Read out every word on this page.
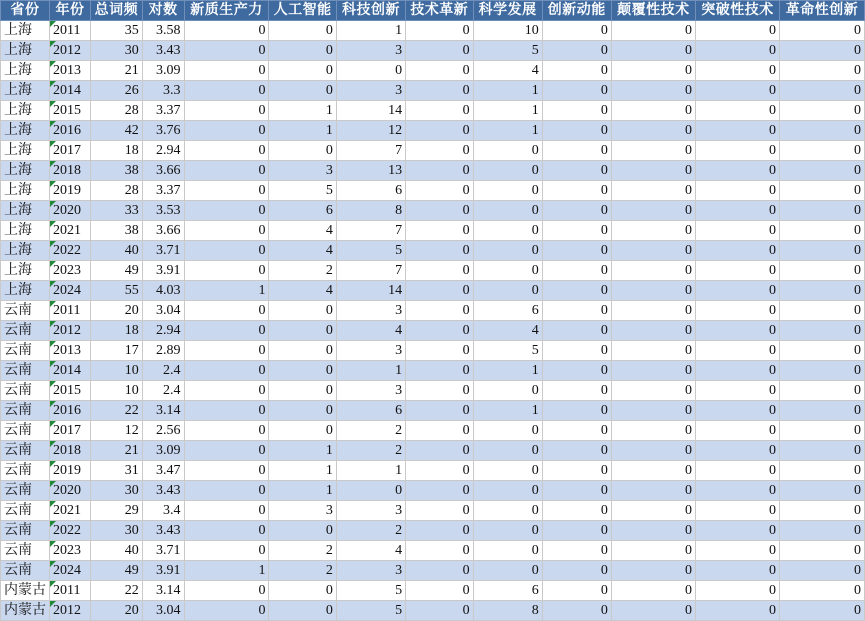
省份	年份	总词频	对数	新质生产力	人工智能	科技创新	技术革新	科学发展	创新动能	颠覆性技术	突破性技术	革命性创新
上海	2011	35	3.58	0	0	1	0	10	0	0	0	0
上海	2012	30	3.43	0	0	3	0	5	0	0	0	0
上海	2013	21	3.09	0	0	0	0	4	0	0	0	0
上海	2014	26	3.3	0	0	3	0	1	0	0	0	0
上海	2015	28	3.37	0	1	14	0	1	0	0	0	0
上海	2016	42	3.76	0	1	12	0	1	0	0	0	0
上海	2017	18	2.94	0	0	7	0	0	0	0	0	0
上海	2018	38	3.66	0	3	13	0	0	0	0	0	0
上海	2019	28	3.37	0	5	6	0	0	0	0	0	0
上海	2020	33	3.53	0	6	8	0	0	0	0	0	0
上海	2021	38	3.66	0	4	7	0	0	0	0	0	0
上海	2022	40	3.71	0	4	5	0	0	0	0	0	0
上海	2023	49	3.91	0	2	7	0	0	0	0	0	0
上海	2024	55	4.03	1	4	14	0	0	0	0	0	0
云南	2011	20	3.04	0	0	3	0	6	0	0	0	0
云南	2012	18	2.94	0	0	4	0	4	0	0	0	0
云南	2013	17	2.89	0	0	3	0	5	0	0	0	0
云南	2014	10	2.4	0	0	1	0	1	0	0	0	0
云南	2015	10	2.4	0	0	3	0	0	0	0	0	0
云南	2016	22	3.14	0	0	6	0	1	0	0	0	0
云南	2017	12	2.56	0	0	2	0	0	0	0	0	0
云南	2018	21	3.09	0	1	2	0	0	0	0	0	0
云南	2019	31	3.47	0	1	1	0	0	0	0	0	0
云南	2020	30	3.43	0	1	0	0	0	0	0	0	0
云南	2021	29	3.4	0	3	3	0	0	0	0	0	0
云南	2022	30	3.43	0	0	2	0	0	0	0	0	0
云南	2023	40	3.71	0	2	4	0	0	0	0	0	0
云南	2024	49	3.91	1	2	3	0	0	0	0	0	0
内蒙古	2011	22	3.14	0	0	5	0	6	0	0	0	0
内蒙古	2012	20	3.04	0	0	5	0	8	0	0	0	0
